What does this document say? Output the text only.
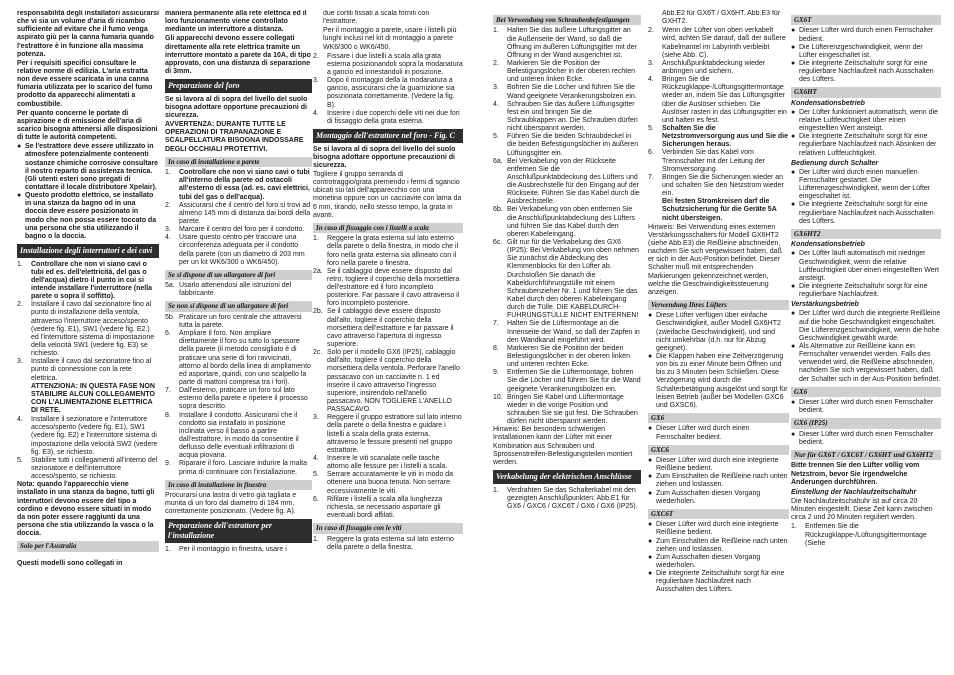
responsabilità degli installatori assicurarsi che vi sia un volume d'aria di ricambio sufficiente ad evitare che il fumo venga aspirato giù per la canna fumaria quando l'estrattore è in funzione alla massima potenza.

Per i requisiti specifici consultare le relative norme di edilizia. L'aria estratta non deve essere scaricata in una canna fumaria utilizzata per lo scarico del fumo prodotto da apparecchi alimentati a combustibile.

Per quanto concerne le portate di aspirazione e di emissione dell'aria di scarico bisogna attenersi alle disposizioni di tutte le autorità competenti.

● Se l'estrattore deve essere utilizzato in atmosfere potenzialmente contenenti sostanze chimiche corrosive consultare il nostro reparto di assistenza tecnica.(Gli utenti esteri sono pregati di contattare il locale distributore Xpelair).

● Questo prodotto elettrico, se installato in una stanza da bagno od in una doccia deve essere posizionato in modo che non possa essere toccato da una persona che stia utilizzando il bagno o la doccia.

Installazione degli interruttori e dei cavi
1.	Controllare che non vi siano cavi o tubi ed es. dell'elettricità, del gas o dell'acqua) dietro il punto in cui si intende installare l'interruttore (nella parete o sopra il soffitto).
2.	Installare il cavo dal sezionatore fino al punto di installazione della ventola, attraverso l'interruttore acceso/spento (vedere fig. E1), SW1 (vedere fig. E2.) ed l'interruttore sistema di impostazione della velocità SW1 (vedere fig. E3) se richiesto.
3.	Installare il cavo dal sezionatore fino al punto di connessione con la rete elettrica.

ATTENZIONA: IN QUESTA FASE NON STABILIRE ALCUN COLLEGAMENTO CON L'ALIMENTAZIONE ELETTRICA DI RETE.

4.	Installare il sezionatore e l'interruttore acceso/spento (vedere fig. E1), SW1 (vedere fig. E2) e l'interruttore sistema di impostazione della velocità SW2 (vedere fig. E3), se richiesto.
5.	Stabilire tutti i collegamenti all'interno del sezionatore e dell'interruttore acceso/spento, se richiesto.

Nota: quando l'apparecchio viene installato in una stanza da bagno, tutti gli interruttori devono essere del tipo a cordino e devono essere situati in modo da non poter essere raggiunti da una persona che stia utilizzando la vasca o la doccia.

Solo per l'Australia

Questi modelli sono collegati in

maniera permanente alla rete elettrica ed il loro funzionamento viene controllato mediante un interruttore a distanza.

Gli apparecchi devono essere collegati direttamente alla rete elettrica tramite un interruttore montato a parete da 10A, di tipo approvato, con una distanza di separazione di 3mm.

Preparazione del foro

Se si lavora al di sopra del livello del suolo bisogna adottare opportune precauzioni di sicurezza.

AVVERTENZA: DURANTE TUTTE LE OPERAZIONI DI TRAPANAZIONE E SCALPELLATURA BISOGNA INDOSSARE DEGLI OCCHIALI PROTETTIVI.

In caso di installazione a parete
1.	Controllare che non vi siano cavi o tubi all'interno della parete od ostacoli all'esterno di essa (ad. es. cavi elettrici, tubi del gas o dell'acqua).
2.	Assicurarsi che il centro del foro si trovi ad almeno 145 mm di distanza dai bordi della parete.
3.	Marcare il centro del foro per il condotto.
4.	Usare questo centro per tracciare una circonferenza adeguata per il condotto della parete (con un diametro di 203 mm per un kit WK6/300 o WK6/450).
Se si dispone di un allargatore di fori
5a. Usarlo attenendosi alle istruzioni del fabbricante.
Se non si dispone di un allargatore di fori
5b. Praticare un foro centrale che attraversi tutta la parete.
6.	Ampliare il foro. Non ampliare direttamente il foro su tutto lo spessore della parete (il metodo consigliato è di praticare una serie di fori ravvicinati, attorno al bordo della linea di ampliamento ed asportare, quindi, con uno scalpello la parte di mattoni compresa tra i fori).
7.	Dall'esterno, praticare un foro sul lato esterno della parete e ripetere il processo sopra descritto.
8.	Installare il condotto. Assicurarsi che il condotto sia installato in posizione inclinata verso il basso a partire dall'estrattore, in modo da consentire il deflusso delle eventuali infiltrazioni di acqua piovana.
9.	Riparare il foro. Lasciare indurire la malta prima di continuare con l'installazione.
In caso di installazione in finestra

Procurarsi una lastra di vetro già tagliata e munita di un foro dal diametro di 184 mm, correttamente posizionato. (Vedere fig. A).

Preparazione dell'estrattore per l'installazione
1.	Per il montaggio in finestra, usare i

due cortili fissati a scala forniti con l'estrattore.

Per il montaggio a parete, usare i listelli più lunghi inclusi nel kit di montaggio a parete WK6/300 o WK6/450.

2.	Fissare i due listelli a scala alla grata esterna posizionandoli sopra la modanatura a gancio ed innestandoli in posizione.
3.	Dopo il montaggio della la modanatura a gancio, assicurarsi che la guarnizione sia posizionata correttamente. (Vedere la fig. B).
4.	Inserire i due coperchi delle viti nei due fori di fissaggio della grata esterna.
Montaggio dell'estrattore nel foro - Fig. C

Se si lavora al di sopra del livello del suolo bisogna adottare opportune precauzioni di sicurezza.

Togliere il gruppo serranda di controtraggio/grata premendo i fermi di sgancio ubicati sui lati dell'apparecchio con una monetina oppure con un cacciavite con lama da 6 mm, tirando, nello stesso tempo, la grata in avanti.

In caso di fissaggio con i listelli a scala
1.	Reggere la grata esterna sul lato esterno della parete o della finestra, in modo che il foro nella grata esterna sia allineato con il foro nella parete o finestra.
2a. Se il cablaggio deve essere disposto dal retro, togliere il coperchio della morsettiera dell'estrattore ed il foro incompleto posteriore. Far passare il cavo attraverso il foro incompleto posteriore.
2b. Se il cablaggio deve essere disposto dall'alto, togliere il coperchio della morsettiera dell'estrattore e far passare il cavo attraverso l'apertura di ingresso superiore.
2c. Solo per il modello GX6 (IP25), cablaggio dall'alto, togliere il coperchio della morsettiera della ventola. Perforare l'anello passacavo con un cacciavite n. 1 ed inserire il cavo attraverso l'ingresso superiore, insirendolo nell'anello passacavo. NON TOGLIERE L'ANELLO PASSACAVO.
3.	Reggere il gruppo estrattore sul lato interno della parete o della finestra e guidare i listelli a scala della grata esterna, attraverso le fessure presenti nel gruppo estrattore.
4.	Inserire le viti scanalate nelle tasche attorno alle fessure per i listelli a scala.
5.	Serrare accuratamente le viti in modo da ottenere una buona tenuta. Non serrare eccessivamente le viti.
6.	Rifilare i listelli a scala alla lunghezza richiesta, se necessario asportare gli eventuali bordi affilati.
In caso di fissaggio con le viti
1.	Reggere la grata esterna sul lato esterno della parete o della finestra,
Bei Verwendung von Schraubenbefestigungen
1.	Halten Sie das äußere Lüftungsgitter an die Außenseite der Wand, so daß die Öffnung im äußeren Lüftungsgitter mit der Öffnung in der Wand ausgerichtet ist.
2.	Markieren Sie die Position der Befestigungslöcher in der oberen rechten und unteren linken Ecke.
3.	Bohren Sie die Löcher und führen Sie die Wand geeignete Verankerungsbolzen ein.
4.	Schrauben Sie das äußere Lüftungsgitter fest ein und bringen Sie die Schraubkappen an. Die Schrauben dürfen nicht überspannt werden.
5.	Führen Sie die beiden Schraubdeckel in die beiden Befestigungslöcher im äußeren Lüftungsgitter ein.
6a. Bei Verkabelung von der Rückseite entfernen Sie die Anschlußpunktabdeckung des Lüfters und die Ausbrechstelle für den Eingang auf der Rückseite. Führen Sie das Kabel durch die Ausbrechstelle.
6b. Bei Verkabelung von oben entfernen Sie die Anschlußpunktabdeckung des Lüfters und führen Sie das Kabel durch den oberen Kabeleingang.
6c. Gilt nur für die Verkabelung des GX6 (IP25): Bei Verkabelung von oben nehmen Sie zunächst die Abdeckung des Klemmenblocks für den Lüfter ab. Durchstoßen Sie danach die Kabeldurchführungstülle mit einem Schraubenzieher Nr. 1 und führen Sie das Kabel durch den oberen Kabeleingang durch die Tülle. DIE KABELDURCH-FÜHRUNGSTÜLLE NICHT ENTFERNEN!
7.	Halten Sie die Lüftermontage an die Innenseite der Wand, so daß der Zapfen in den Wandkanal eingeführt wird.
8.	Markieren Sie die Position der beiden Befestigungslöcher in der oberen linken und unteren rechten Ecke.
9.	Entfernen Sie die Lüftermontage, bohren Sie die Löcher und führen Sie für die Wand geeignete Verankerungsbolzen ein.
10. Bringen Sie Kabel und Lüftermontage wieder in die vorige Position und schrauben Sie sie gut fest. Die Schrauben dürfen nicht überspannt werden.

Hinweis: Bei besonders schwierigen Installationen kann der Lüfter mit einer Kombination aus Schrauben und Sprossenstreifen-Befestigungsteilen montiert werden.

Verkabelung der elektrischen Anschlüsse
1.	Verdrahten Sie das Schalterkabel mit den gezeigten Anschlußpunkten: Abb.E1 für GX6 / GXC6 / GXC6T / GX6 / GX6 (IP25).

Abb.E2 für GX6T / GX6HT. Abb.E3 für GXHT2.

2.	Wenn der Lüfter von oben verkabelt wird, achten Sie darauf, daß der äußere Kabelmantel im Labyrinth verbleibt (siehe Abb. C).
3.	Anschlußpunktabdeckung wieder anbringen und sichern.
4.	Bringen Sie die Rückzugklappe-/Lüftungsgittermontage wieder an, indem Sie das Lüftungsgitter über die Auslöser schieben. Die Auslöser rasten in das Lüftungsgitter ein und halten es fest.
5.	Schalten Sie die Netzstromversorgung aus und Sie die Sicherungen heraus.
6.	Verbinden Sie das Kabel vom Trennschalter mit der Leitung der Stromversorgung.
7.	Bringen Sie die Sicherungen wieder an und schalten Sie den Netzstrom wieder ein.

Bei festen Stromkreisen darf die Schutzsicherung für die Geräte 5A nicht übersteigen.

Hinweis: Bei Verwendung eines externen Verstärkungsschalters für Modell GX6HT2 (siehe Abb.E3) die Reißleine abschneiden, nachdem Sie sich vergewissert haben, daß er sich in der Aus-Position befindet. Dieser Schalter muß mit entsprechenden Markierungen gekennzeichnet werden, welche die Geschwindigkeitssteuerung anzeigen.

Verwendung Ihres Lüfters

● Diese Lüfter verfügen über einfache Geschwindigkeit, außer Modell GX6HT2 (zweifache Geschwindigkeit), und sind nicht umkehrbar (d.h. nur für Abzug geeignet).

● Die Klappen haben eine Zeitverzögerung von bis zu einer Minute beim Öffnen und bis zu 3 Minuten beim Schließen. Diese Verzögerung wird durch die Schalterbetätigung ausgelöst und sorgt für leisen Betrieb (außer bei Modellen GXC6 und GXSC6).

GX6

● Dieser Lüfter wird durch einen Fernschalter bedient.

GXC6

● Dieser Lüfter wird durch eine integrierte Reißleine bedient.

● Zum Einschalten die Reißleine nach unten ziehen und loslassen.

● Zum Ausschalten diesen Vorgang wiederholen.

GXC6T

● Dieser Lüfter wird durch eine integrierte Reißleine bedient.

● Zum Einschalten die Reißleine nach unten ziehen und loslassen.

● Zum Ausschalten diesen Vorgang wiederholen.

● Die integrierte Zeitschaltuhr sorgt für eine regulierbare Nachlaufzeit nach Ausschalten des Lüfters.

GX6T

● Dieser Lüfter wird durch einen Fernschalter bedient.

● Die Lüfterenzgeschwindigkeit, wenn der Lüfter eingeschaltet ist.

● Die integrierte Zeitschaltuhr sorgt für eine regulierbare Nachlaufzeit nach Ausschalten des Lüfters.

GX6HT

Kondensationsbetrieb

● Der Lüfter funktioniert automatisch, wenn die relative Luftfeuchtigkeit über einen eingestellten Wert ansteigt.

● Die integrierte Zeitschaltuhr sorgt für eine regulierbare Nachlaufzeit nach Absinken der relativen Luftfeuchtigkeit.

Bedienung durch Schalter

● Der Lüfter wird durch einen manuellen Fernschalter gestartet. Die Lüfterenzgeschwindigkeit, wenn der Lüfter eingeschaltet ist.

● Die integrierte Zeitschaltuhr sorgt für eine regulierbare Nachlaufzeit nach Ausschalten des Lüfters.

GX6HT2

Kondensationsbetrieb

● Der Lüfter läuft automatisch mit niedriger Geschwindigkeit, wenn die relative Luftfeuchtigkeit über einen eingestellten Wert ansteigt.

● Die integrierte Zeitschaltuhr sorgt für eine regulierbare Nachlaufzeit.

Verstärkungsbetrieb

● Der Lüfter wird durch die integrierte Reißleine auf die hohe Geschwindigkeit eingeschaltet. Die Lüfterenzgeschwindigkeit, wenn die hohe Geschwindigkeit gewählt wurde.

● Als Alternative zur Reißleine kann ein Fernschalter verwendet werden. Falls dies verwendet wird, die Reißleine abschneiden, nachdem Sie sich vergewissert haben, daß der Schalter sich in der Aus-Position befindet.

GX6

● Dieser Lüfter wird durch einen Fernschalter bedient.

GX6 (IP25)

● Dieser Lüfter wird durch einen Fernschalter bedient.

Nur für GX6T / GXC6T / GX6HT und GX6HT2

Bitte trennen Sie den Lüfter völlig vom Netzstrom, bevor Sie irgendwelche Änderungen durchführen.

Einstellung der Nachlaufzeitschaltuhr

Die Nachlaufzeitschaltuhr ist auf circa 20 Minuten eingestellt. Diese Zeit kann zwischen circa 2 und 20 Minuten reguliert werden.

1.	Entfernen Sie die Rückzugklappe-/Lüftungsgittermontage (Siehe
